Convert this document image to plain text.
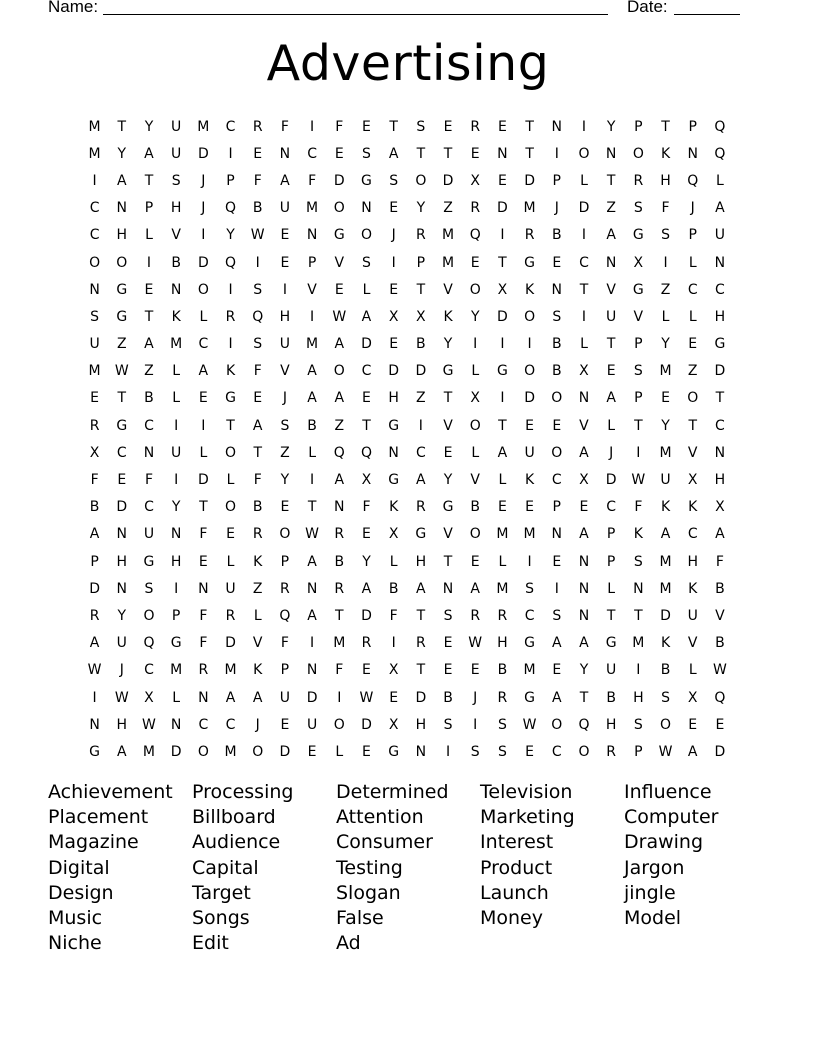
Name:	Date:
Advertising
M	T	Y	U	M	C	R	F	I	F	E	T	S	E	R	E	T	N	I	Y	P	T	P	Q
M	Y	A	U	D	I	E	N	C	E	S	A	T	T	E	N	T	I	O	N	O	K	N	Q
I	A	T	S	J	P	F	A	F	D	G	S	O	D	X	E	D	P	L	T	R	H	Q	L
C	N	P	H	J	Q	B	U	M	O	N	E	Y	Z	R	D	M	J	D	Z	S	F	J	A
C	H	L	V	I	Y	W	E	N	G	O	J	R	M	Q	I	R	B	I	A	G	S	P	U
O	O	I	B	D	Q	I	E	P	V	S	I	P	M	E	T	G	E	C	N	X	I	L	N
N	G	E	N	O	I	S	I	V	E	L	E	T	V	O	X	K	N	T	V	G	Z	C	C
S	G	T	K	L	R	Q	H	I	W	A	X	X	K	Y	D	O	S	I	U	V	L	L	H
U	Z	A	M	C	I	S	U	M	A	D	E	B	Y	I	I	I	B	L	T	P	Y	E	G
M	W	Z	L	A	K	F	V	A	O	C	D	D	G	L	G	O	B	X	E	S	M	Z	D
E	T	B	L	E	G	E	J	A	A	E	H	Z	T	X	I	D	O	N	A	P	E	O	T
R	G	C	I	I	T	A	S	B	Z	T	G	I	V	O	T	E	E	V	L	T	Y	T	C
X	C	N	U	L	O	T	Z	L	Q	Q	N	C	E	L	A	U	O	A	J	I	M	V	N
F	E	F	I	D	L	F	Y	I	A	X	G	A	Y	V	L	K	C	X	D	W	U	X	H
B	D	C	Y	T	O	B	E	T	N	F	K	R	G	B	E	E	P	E	C	F	K	K	X
A	N	U	N	F	E	R	O	W	R	E	X	G	V	O	M	M	N	A	P	K	A	C	A
P	H	G	H	E	L	K	P	A	B	Y	L	H	T	E	L	I	E	N	P	S	M	H	F
D	N	S	I	N	U	Z	R	N	R	A	B	A	N	A	M	S	I	N	L	N	M	K	B
R	Y	O	P	F	R	L	Q	A	T	D	F	T	S	R	R	C	S	N	T	T	D	U	V
A	U	Q	G	F	D	V	F	I	M	R	I	R	E	W	H	G	A	A	G	M	K	V	B
W	J	C	M	R	M	K	P	N	F	E	X	T	E	E	B	M	E	Y	U	I	B	L	W
I	W	X	L	N	A	A	U	D	I	W	E	D	B	J	R	G	A	T	B	H	S	X	Q
N	H	W	N	C	C	J	E	U	O	D	X	H	S	I	S	W	O	Q	H	S	O	E	E
G	A	M	D	O	M	O	D	E	L	E	G	N	I	S	S	E	C	O	R	P	W	A	D
Achievement	Processing	Determined	Television	Influence
Placement	Billboard	Attention	Marketing	Computer
Magazine	Audience	Consumer	Interest	Drawing
Digital	Capital	Testing	Product	Jargon
Design	Target	Slogan	Launch	jingle
Music	Songs	False	Money	Model
Niche	Edit	Ad
